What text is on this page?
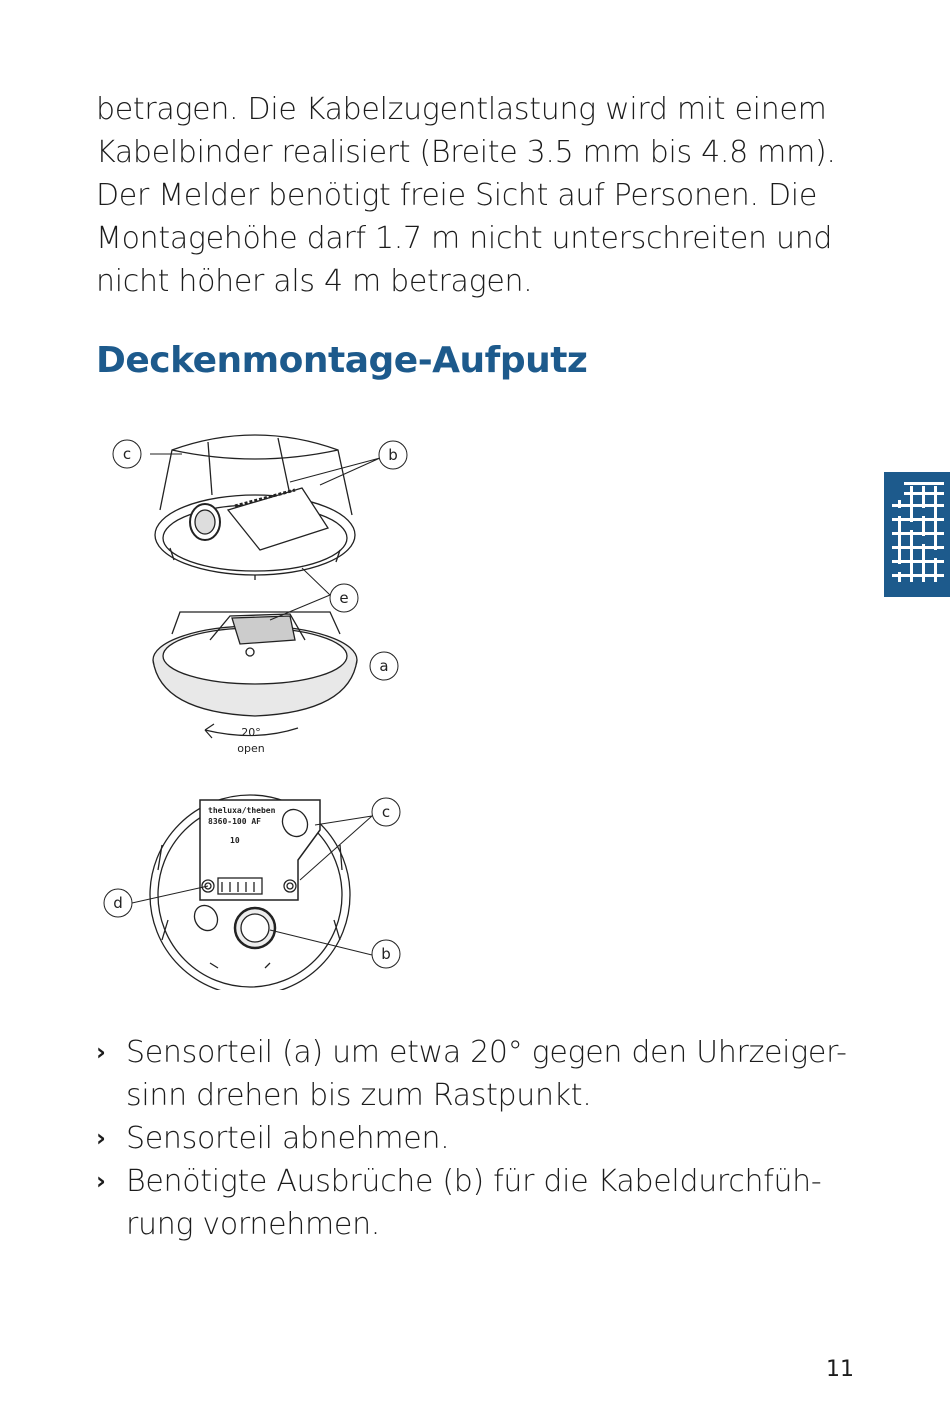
betragen. Die Kabelzugentlastung wird mit einem
Kabelbinder realisiert (Breite 3.5 mm bis 4.8 mm).
Der Melder benötigt freie Sicht auf Personen. Die
Montagehöhe darf 1.7 m nicht unterschreiten und
nicht höher als 4 m betragen.
Deckenmontage-Aufputz
20°
open
theluxa/theben
8360-100 AF
10
c	b
e
a
c
d
b
› Sensorteil (a) um etwa 20° gegen den Uhrzeiger-
sinn drehen bis zum Rastpunkt.
› Sensorteil abnehmen.
› Benötigte Ausbrüche (b) für die Kabeldurchfüh-
rung vornehmen.
11
